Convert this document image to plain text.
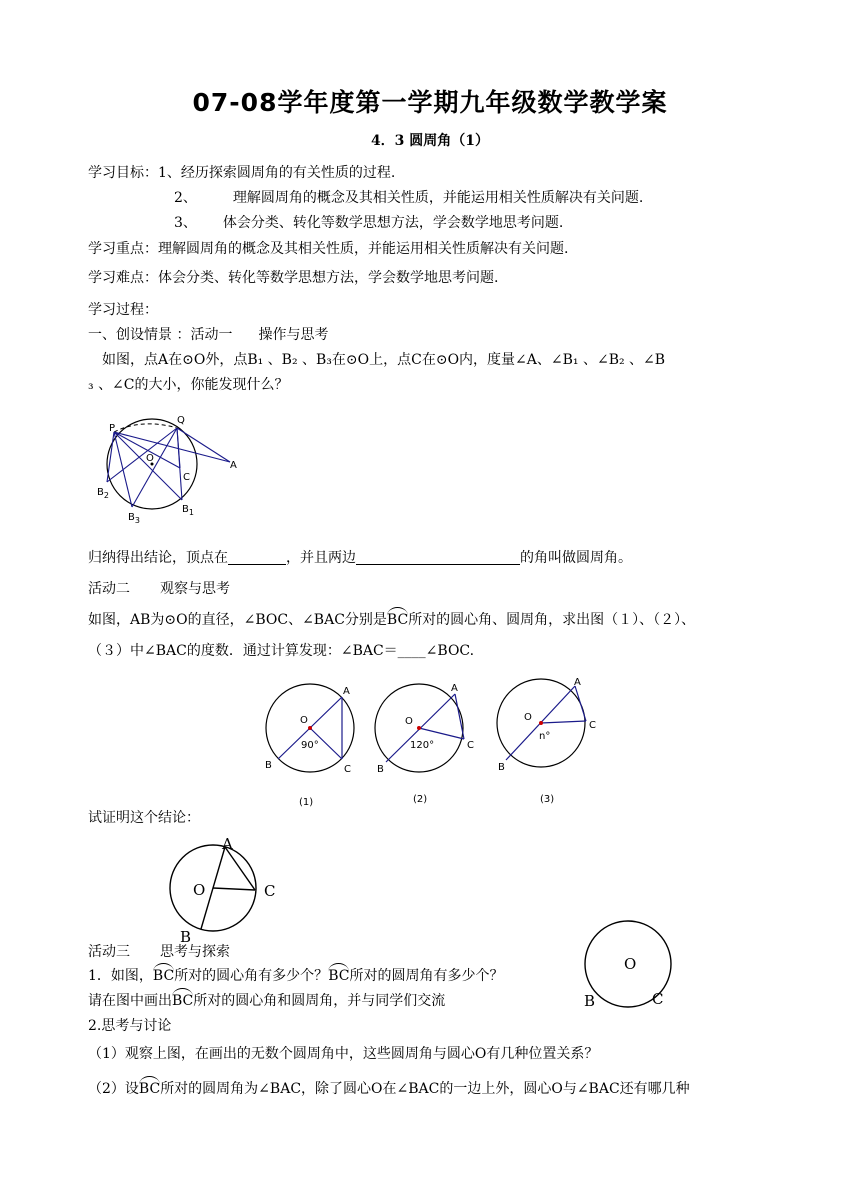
07-08学年度第一学期九年级数学教学案
4．3 圆周角（1）
学习目标：1、经历探索圆周角的有关性质的过程.
2、	理解圆周角的概念及其相关性质，并能运用相关性质解决有关问题.
3、 体会分类、转化等数学思想方法，学会数学地思考问题.
学习重点：理解圆周角的概念及其相关性质，并能运用相关性质解决有关问题.
学习难点：体会分类、转化等数学思想方法，学会数学地思考问题.
学习过程：
一、创设情景 ：活动一 操作与思考
如图，点A在⊙O外，点B₁ 、B₂ 、B₃在⊙O上，点C在⊙O内，度量∠A、∠B₁ 、∠B₂ 、∠B
₃ 、∠C的大小，你能发现什么？
P
Q
O
A
C
$B_2$
$B_3$
$B_1$
归纳得出结论，顶点在	，并且两边	的角叫做圆周角。
活动二 观察与思考
如图，AB为⊙O的直径，∠BOC、∠BAC分别是BC所对的圆心角、圆周角，求出图（１）、（２）、
（３）中∠BAC的度数．通过计算发现：∠BAC＝____∠BOC.
O
A
B	C
90°
(1)
O
A
B
C
120°
(2)
O
A
B
C
n°
(3)
试证明这个结论：
A
O	C
B
活动三 思考与探索
1．如图，BC所对的圆心角有多少个？BC所对的圆周角有多少个？
请在图中画出BC所对的圆心角和圆周角，并与同学们交流
O
B	C
2.思考与讨论
（1）观察上图，在画出的无数个圆周角中，这些圆周角与圆心O有几种位置关系？
（2）设BC所对的圆周角为∠BAC，除了圆心O在∠BAC的一边上外，圆心O与∠BAC还有哪几种
